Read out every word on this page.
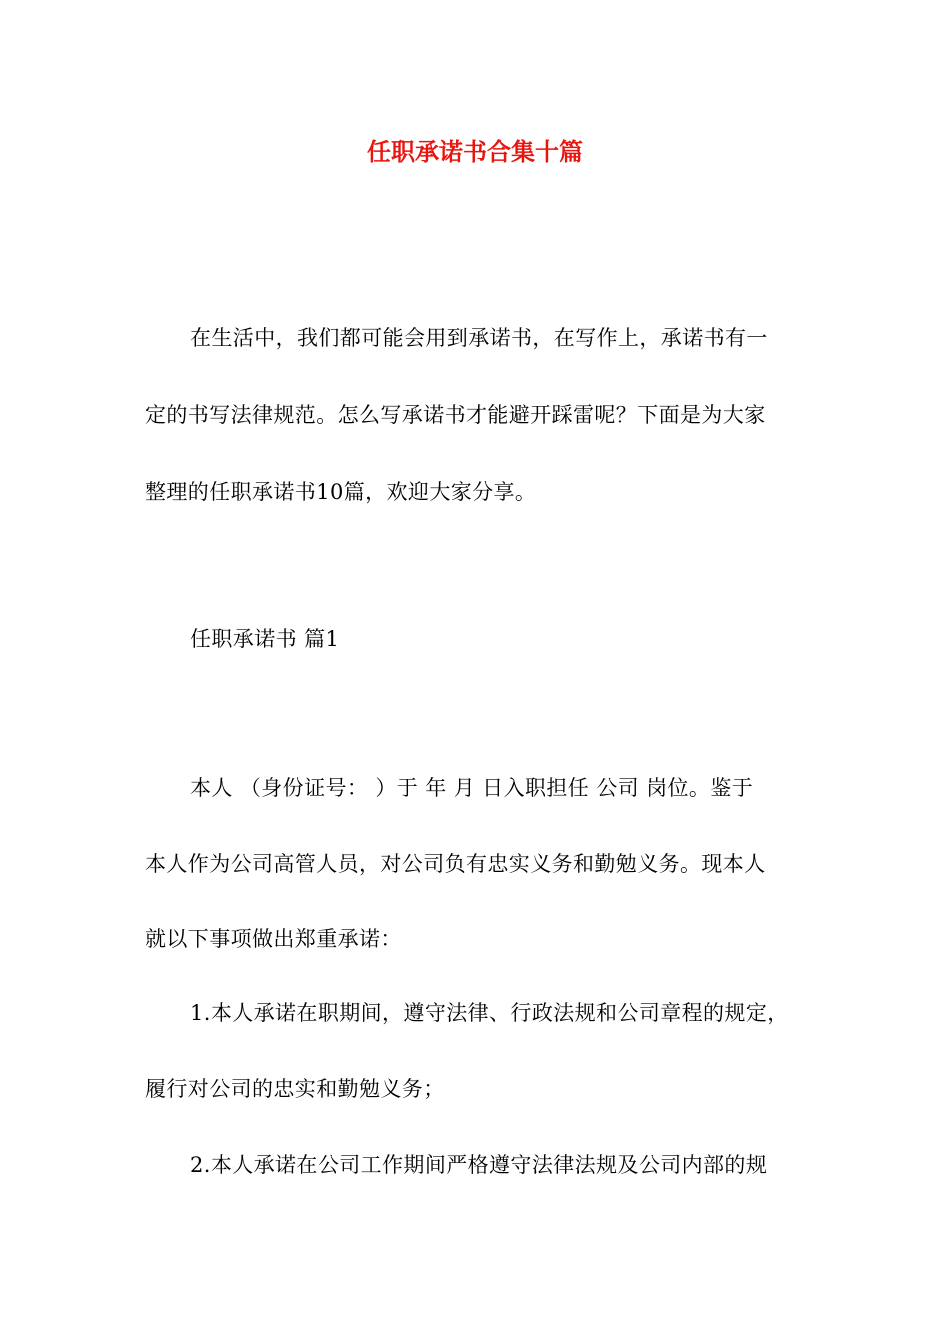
任职承诺书合集十篇
在生活中，我们都可能会用到承诺书，在写作上，承诺书有一
定的书写法律规范。怎么写承诺书才能避开踩雷呢？下面是为大家
整理的任职承诺书10篇，欢迎大家分享。
任职承诺书 篇1
本人 （身份证号： ）于 年 月 日入职担任 公司 岗位。鉴于
本人作为公司高管人员，对公司负有忠实义务和勤勉义务。现本人
就以下事项做出郑重承诺：
1.本人承诺在职期间，遵守法律、行政法规和公司章程的规定，
履行对公司的忠实和勤勉义务；
2.本人承诺在公司工作期间严格遵守法律法规及公司内部的规
